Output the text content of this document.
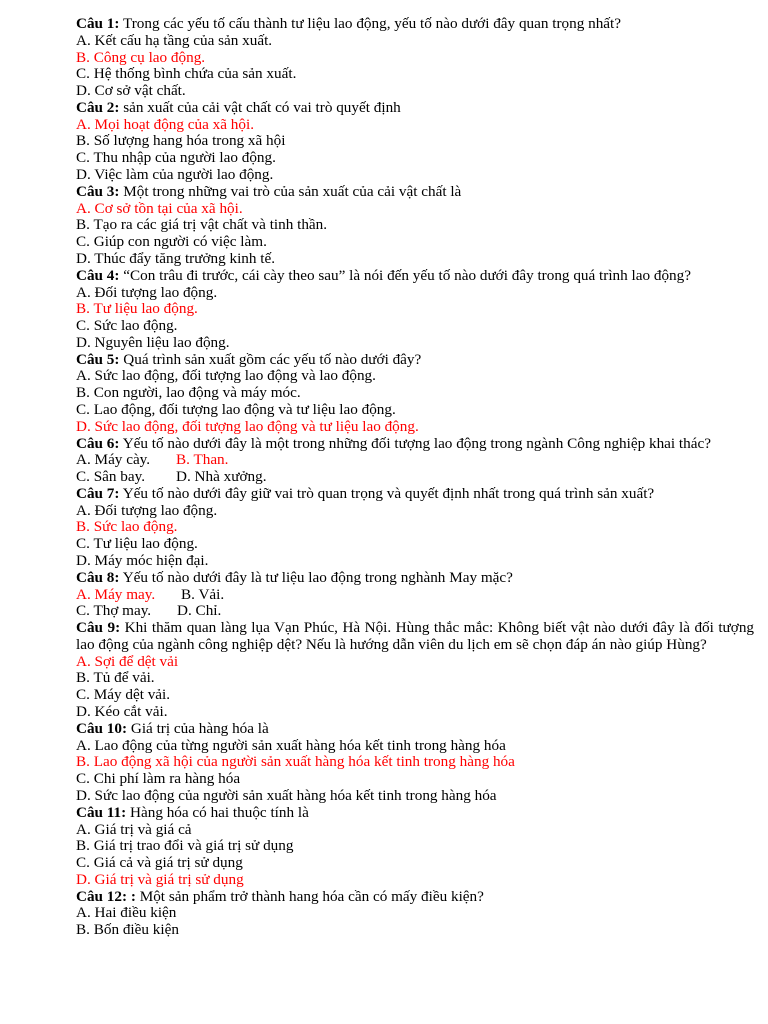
Câu 1: Trong các yếu tố cấu thành tư liệu lao động, yếu tố nào dưới đây quan trọng nhất?
A. Kết cấu hạ tầng của sản xuất.
B. Công cụ lao động.
C. Hệ thống bình chứa của sản xuất.
D. Cơ sở vật chất.
Câu 2: sản xuất của cải vật chất có vai trò quyết định
A. Mọi hoạt động của xã hội.
B. Số lượng hang hóa trong xã hội
C. Thu nhập của người lao động.
D. Việc làm của người lao động.
Câu 3: Một trong những vai trò của sản xuất của cải vật chất là
A. Cơ sở tồn tại của xã hội.
B. Tạo ra các giá trị vật chất và tinh thần.
C. Giúp con người có việc làm.
D. Thúc đẩy tăng trưởng kinh tế.
Câu 4: “Con trâu đi trước, cái cày theo sau” là nói đến yếu tố nào dưới đây trong quá trình lao động?
A. Đối tượng lao động.
B. Tư liệu lao động.
C. Sức lao động.
D. Nguyên liệu lao động.
Câu 5: Quá trình sản xuất gồm các yếu tố nào dưới đây?
A. Sức lao động, đối tượng lao động và lao động.
B. Con người, lao động và máy móc.
C. Lao động, đối tượng lao động và tư liệu lao động.
D. Sức lao động, đối tượng lao động và tư liệu lao động.
Câu 6: Yếu tố nào dưới đây là một trong những đối tượng lao động trong ngành Công nghiệp khai thác?
A. Máy cày. B. Than.
C. Sân bay. D. Nhà xưởng.
Câu 7: Yếu tố nào dưới đây giữ vai trò quan trọng và quyết định nhất trong quá trình sản xuất?
A. Đối tượng lao động.
B. Sức lao động.
C. Tư liệu lao động.
D. Máy móc hiện đại.
Câu 8: Yếu tố nào dưới đây là tư liệu lao động trong nghành May mặc?
A. Máy may. B. Vải.
C. Thợ may. D. Chỉ.
Câu 9: Khi thăm quan làng lụa Vạn Phúc, Hà Nội. Hùng thắc mắc: Không biết vật nào dưới đây là đối tượng lao động của ngành công nghiệp dệt? Nếu là hướng dẫn viên du lịch em sẽ chọn đáp án nào giúp Hùng?
A. Sợi để dệt vải
B. Tủ để vải.
C. Máy dệt vải.
D. Kéo cắt vải.
Câu 10: Giá trị của hàng hóa là
A. Lao động của từng người sản xuất hàng hóa kết tinh trong hàng hóa
B. Lao động xã hội của người sản xuất hàng hóa kết tinh trong hàng hóa
C. Chi phí làm ra hàng hóa
D. Sức lao động của người sản xuất hàng hóa kết tinh trong hàng hóa
Câu 11: Hàng hóa có hai thuộc tính là
A. Giá trị và giá cả
B. Giá trị trao đổi và giá trị sử dụng
C. Giá cả và giá trị sử dụng
D. Giá trị và giá trị sử dụng
Câu 12: : Một sản phẩm trở thành hang hóa cần có mấy điều kiện?
A. Hai điều kiện
B. Bốn điều kiện
